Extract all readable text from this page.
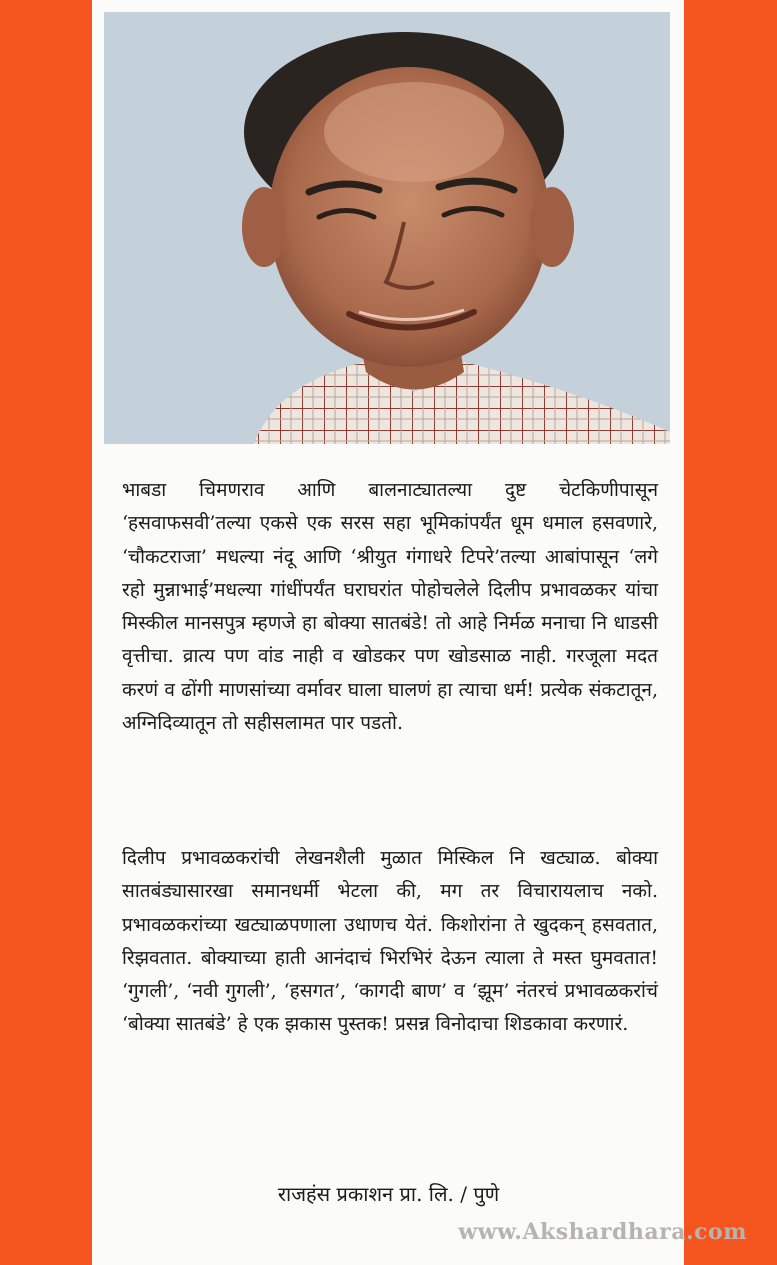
भाबडा चिमणराव आणि बालनाट्यातल्या दुष्ट चेटकिणीपासून ‘हसवाफसवी’तल्या एकसे एक सरस सहा भूमिकांपर्यंत धूम धमाल हसवणारे, ‘चौकटराजा’ मधल्या नंदू आणि ‘श्रीयुत गंगाधरे टिपरे’तल्या आबांपासून ‘लगे रहो मुन्नाभाई’मधल्या गांधींपर्यंत घराघरांत पोहोचलेले दिलीप प्रभावळकर यांचा मिस्कील मानसपुत्र म्हणजे हा बोक्या सातबंडे! तो आहे निर्मळ मनाचा नि धाडसी वृत्तीचा. व्रात्य पण वांड नाही व खोडकर पण खोडसाळ नाही. गरजूला मदत करणं व ढोंगी माणसांच्या वर्मावर घाला घालणं हा त्याचा धर्म! प्रत्येक संकटातून, अग्निदिव्यातून तो सहीसलामत पार पडतो.

दिलीप प्रभावळकरांची लेखनशैली मुळात मिस्किल नि खट्याळ. बोक्या सातबंड्यासारखा समानधर्मी भेटला की, मग तर विचारायलाच नको. प्रभावळकरांच्या खट्याळपणाला उधाणच येतं. किशोरांना ते खुदकन् हसवतात, रिझवतात. बोक्याच्या हाती आनंदाचं भिरभिरं देऊन त्याला ते मस्त घुमवतात! ‘गुगली’, ‘नवी गुगली’, ‘हसगत’, ‘कागदी बाण’ व ‘झूम’ नंतरचं प्रभावळकरांचं ‘बोक्या सातबंडे’ हे एक झकास पुस्तक! प्रसन्न विनोदाचा शिडकावा करणारं.

राजहंस प्रकाशन प्रा. लि. / पुणे
www.Akshardhara.com
